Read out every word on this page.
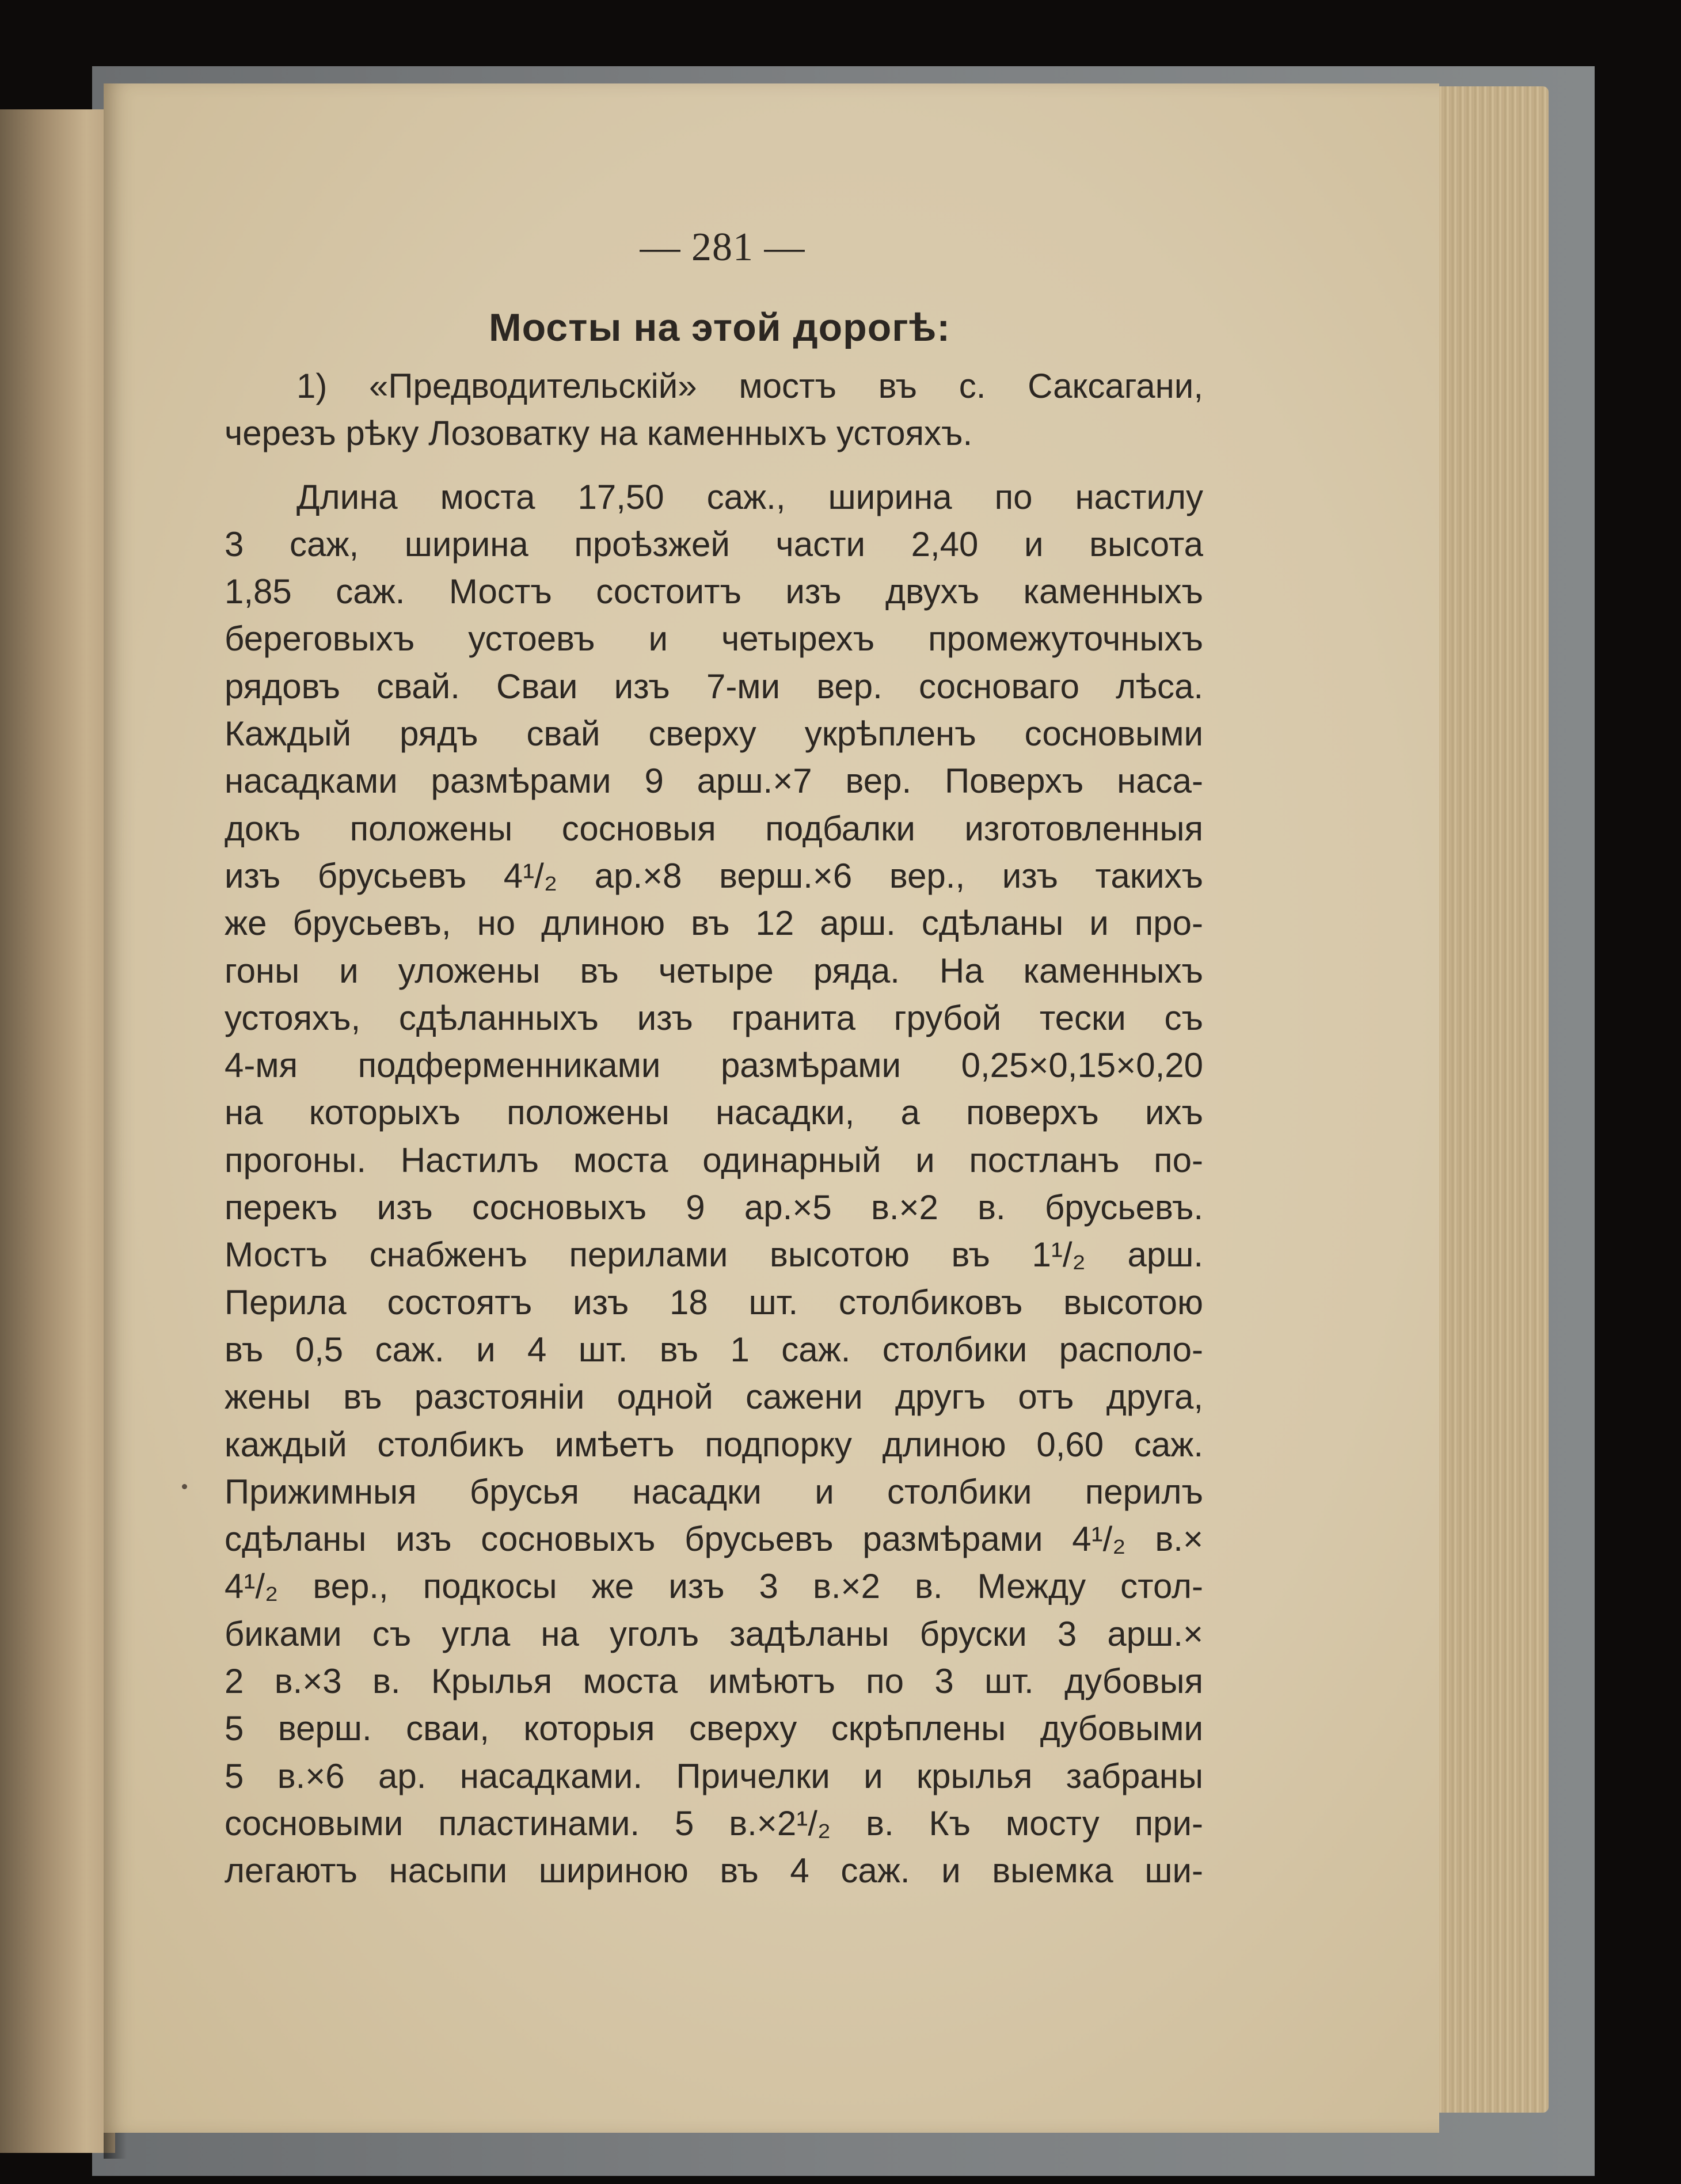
— 281 —
Мосты на этой дорогѣ:
1) «Предводительскій» мостъ въ с. Саксагани,
черезъ рѣку Лозоватку на каменныхъ устояхъ.
Длина моста 17,50 саж., ширина по настилу
3 саж, ширина проѣзжей части 2,40 и высота
1,85 саж. Мостъ состоитъ изъ двухъ каменныхъ
береговыхъ устоевъ и четырехъ промежуточныхъ
рядовъ свай. Сваи изъ 7-ми вер. сосноваго лѣса.
Каждый рядъ свай сверху укрѣпленъ сосновыми
насадками размѣрами 9 арш.×7 вер. Поверхъ наса-
докъ положены сосновыя подбалки изготовленныя
изъ брусьевъ 4¹/₂ ар.×8 верш.×6 вер., изъ такихъ
же брусьевъ, но длиною въ 12 арш. сдѣланы и про-
гоны и уложены въ четыре ряда. На каменныхъ
устояхъ, сдѣланныхъ изъ гранита грубой тески съ
4-мя подферменниками размѣрами 0,25×0,15×0,20
на которыхъ положены насадки, а поверхъ ихъ
прогоны. Настилъ моста одинарный и постланъ по-
перекъ изъ сосновыхъ 9 ар.×5 в.×2 в. брусьевъ.
Мостъ снабженъ перилами высотою въ 1¹/₂ арш.
Перила состоятъ изъ 18 шт. столбиковъ высотою
въ 0,5 саж. и 4 шт. въ 1 саж. столбики располо-
жены въ разстояніи одной сажени другъ отъ друга,
каждый столбикъ имѣетъ подпорку длиною 0,60 саж.
Прижимныя брусья насадки и столбики перилъ
сдѣланы изъ сосновыхъ брусьевъ размѣрами 4¹/₂ в.×
4¹/₂ вер., подкосы же изъ 3 в.×2 в. Между стол-
биками съ угла на уголъ задѣланы бруски 3 арш.×
2 в.×3 в. Крылья моста имѣютъ по 3 шт. дубовыя
5 верш. сваи, которыя сверху скрѣплены дубовыми
5 в.×6 ар. насадками. Причелки и крылья забраны
сосновыми пластинами. 5 в.×2¹/₂ в. Къ мосту при-
легаютъ насыпи шириною въ 4 саж. и выемка ши-
